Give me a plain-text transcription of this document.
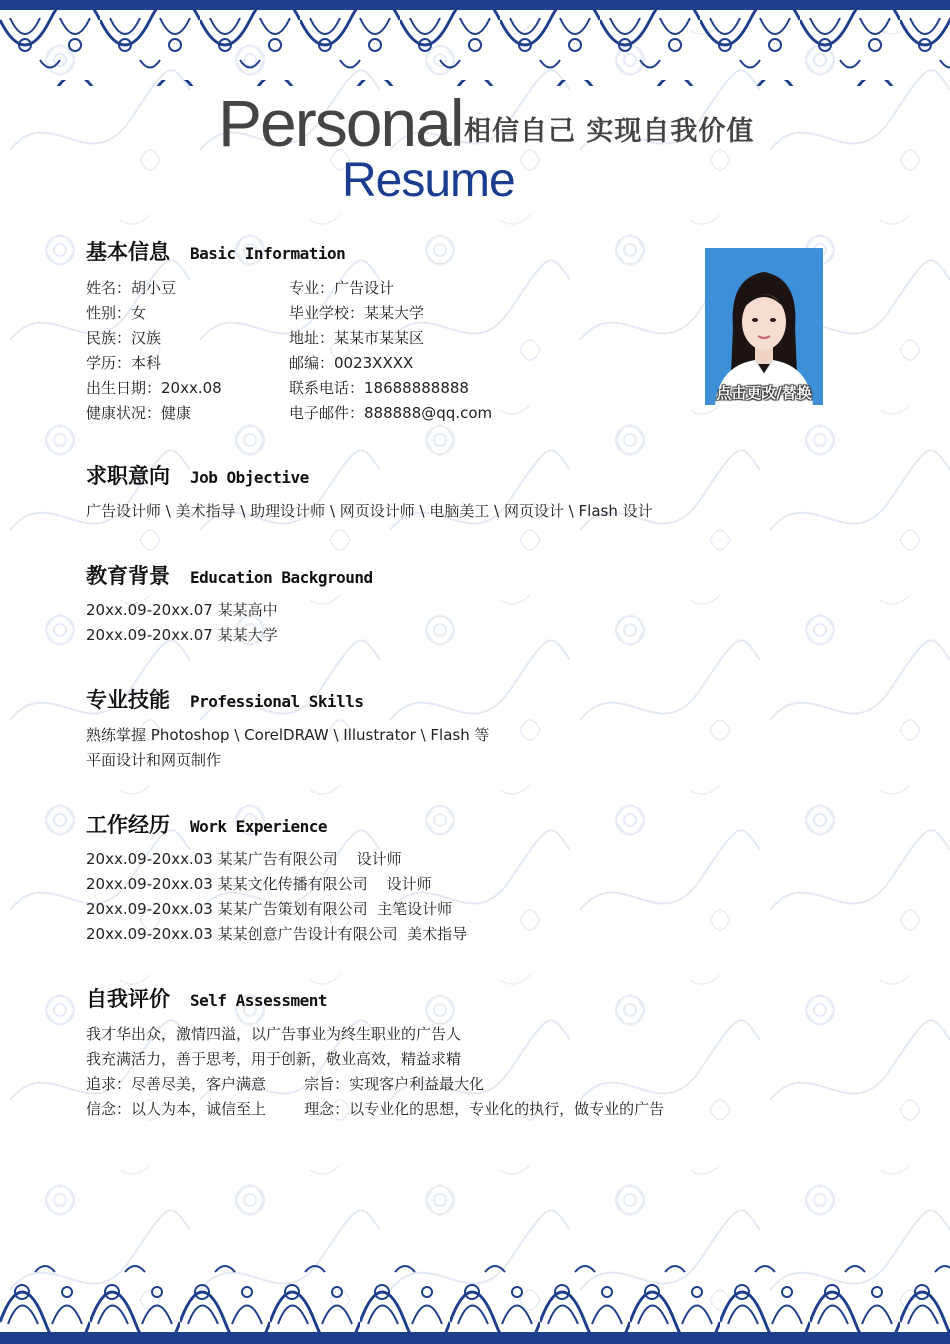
Personal 相信自己 实现自我价值
Resume
基本信息 Basic Information
姓名：胡小豆
性别：女
民族：汉族
学历：本科
出生日期：20xx.08
健康状况：健康
专业：广告设计
毕业学校：某某大学
地址：某某市某某区
邮编：0023XXXX
联系电话：18688888888
电子邮件：888888@qq.com
点击更改/替换
求职意向 Job Objective
广告设计师 \ 美术指导 \ 助理设计师 \ 网页设计师 \ 电脑美工 \ 网页设计 \ Flash 设计
教育背景 Education Background
20xx.09-20xx.07 某某高中
20xx.09-20xx.07 某某大学
专业技能 Professional Skills
熟练掌握 Photoshop \ CorelDRAW \ Illustrator \ Flash 等
平面设计和网页制作
工作经历 Work Experience
20xx.09-20xx.03 某某广告有限公司    设计师
20xx.09-20xx.03 某某文化传播有限公司    设计师
20xx.09-20xx.03 某某广告策划有限公司  主笔设计师
20xx.09-20xx.03 某某创意广告设计有限公司  美术指导
自我评价 Self Assessment
我才华出众，激情四溢，以广告事业为终生职业的广告人
我充满活力，善于思考，用于创新，敬业高效，精益求精
追求：尽善尽美，客户满意        宗旨：实现客户利益最大化
信念：以人为本，诚信至上        理念：以专业化的思想，专业化的执行，做专业的广告
